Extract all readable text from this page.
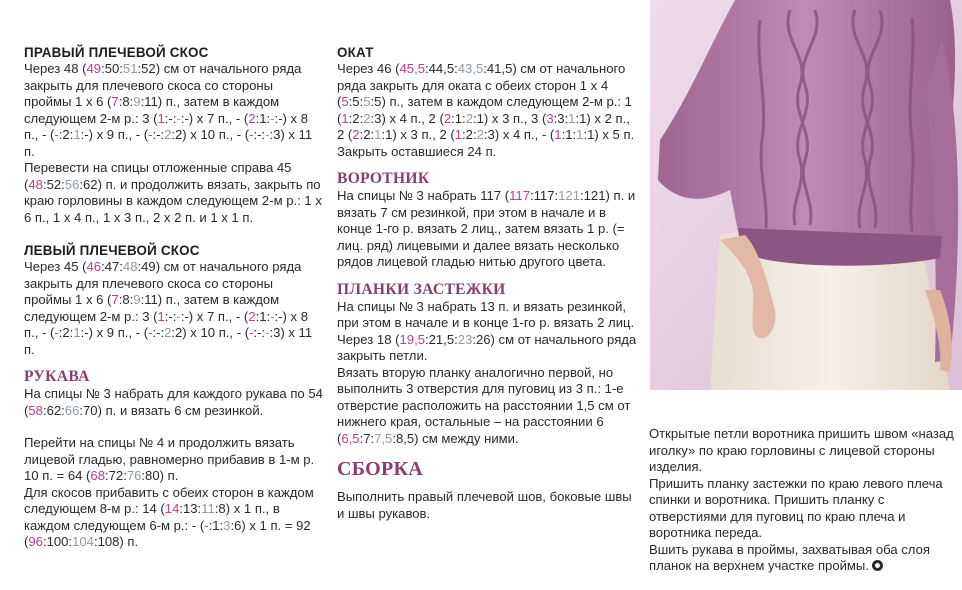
ПРАВЫЙ ПЛЕЧЕВОЙ СКОС

Через 48 (49:50:51:52) см от начального ряда закрыть для плечевого скоса со стороны проймы 1 x 6 (7:8:9:11) п., затем в каждом следующем 2-м р.: 3 (1:-:-:-) x 7 п., - (2:1:-:-) x 8 п., - (-:2:1:-) x 9 п., - (-:-:2:2) x 10 п., - (-:-:-:3) x 11 п.

Перевести на спицы отложенные справа 45 (48:52:56:62) п. и продолжить вязать, закрыть по краю горловины в каждом следующем 2-м р.: 1 x 6 п., 1 x 4 п., 1 x 3 п., 2 x 2 п. и 1 x 1 п.

ЛЕВЫЙ ПЛЕЧЕВОЙ СКОС

Через 45 (46:47:48:49) см от начального ряда закрыть для плечевого скоса со стороны проймы 1 x 6 (7:8:9:11) п., затем в каждом следующем 2-м р.: 3 (1:-:-:-) x 7 п., - (2:1:-:-) x 8 п., - (-:2:1:-) x 9 п., - (-:-:2:2) x 10 п., - (-:-:-:3) x 11 п.

РУКАВА

На спицы № 3 набрать для каждого рукава по 54 (58:62:66:70) п. и вязать 6 см резинкой.

Перейти на спицы № 4 и продолжить вязать лицевой гладью, равномерно прибавив в 1-м р. 10 п. = 64 (68:72:76:80) п.

Для скосов прибавить с обеих сторон в каждом следующем 8-м р.: 14 (14:13:11:8) x 1 п., в каждом следующем 6-м р.: - (-:1:3:6) x 1 п. = 92 (96:100:104:108) п.

ОКАТ

Через 46 (45,5:44,5:43,5:41,5) см от начального ряда закрыть для оката с обеих сторон 1 x 4 (5:5:5:5) п., затем в каждом следующем 2-м р.: 1 (1:2:2:3) x 4 п., 2 (2:1:2:1) x 3 п., 3 (3:3:1:1) x 2 п., 2 (2:2:1:1) x 3 п., 2 (1:2:2:3) x 4 п., - (1:1:1:1) x 5 п.

Закрыть оставшиеся 24 п.

ВОРОТНИК

На спицы № 3 набрать 117 (117:117:121:121) п. и вязать 7 см резинкой, при этом в начале и в конце 1-го р. вязать 2 лиц., затем вязать 1 р. (= лиц. ряд) лицевыми и далее вязать несколько рядов лицевой гладью нитью другого цвета.

ПЛАНКИ ЗАСТЕЖКИ

На спицы № 3 набрать 13 п. и вязать резинкой, при этом в начале и в конце 1-го р. вязать 2 лиц.

Через 18 (19,5:21,5:23:26) см от начального ряда закрыть петли.

Вязать вторую планку аналогично первой, но выполнить 3 отверстия для пуговиц из 3 п.: 1-е отверстие расположить на расстоянии 1,5 см от нижнего края, остальные – на расстоянии 6 (6,5:7:7,5:8,5) см между ними.

СБОРКА

Выполнить правый плечевой шов, боковые швы и швы рукавов.

Открытые петли воротника пришить швом «назад иголку» по краю горловины с лицевой стороны изделия.

Пришить планку застежки по краю левого плеча спинки и воротника. Пришить планку с отверстиями для пуговиц по краю плеча и воротника переда.

Вшить рукава в проймы, захватывая оба слоя планок на верхнем участке проймы.
